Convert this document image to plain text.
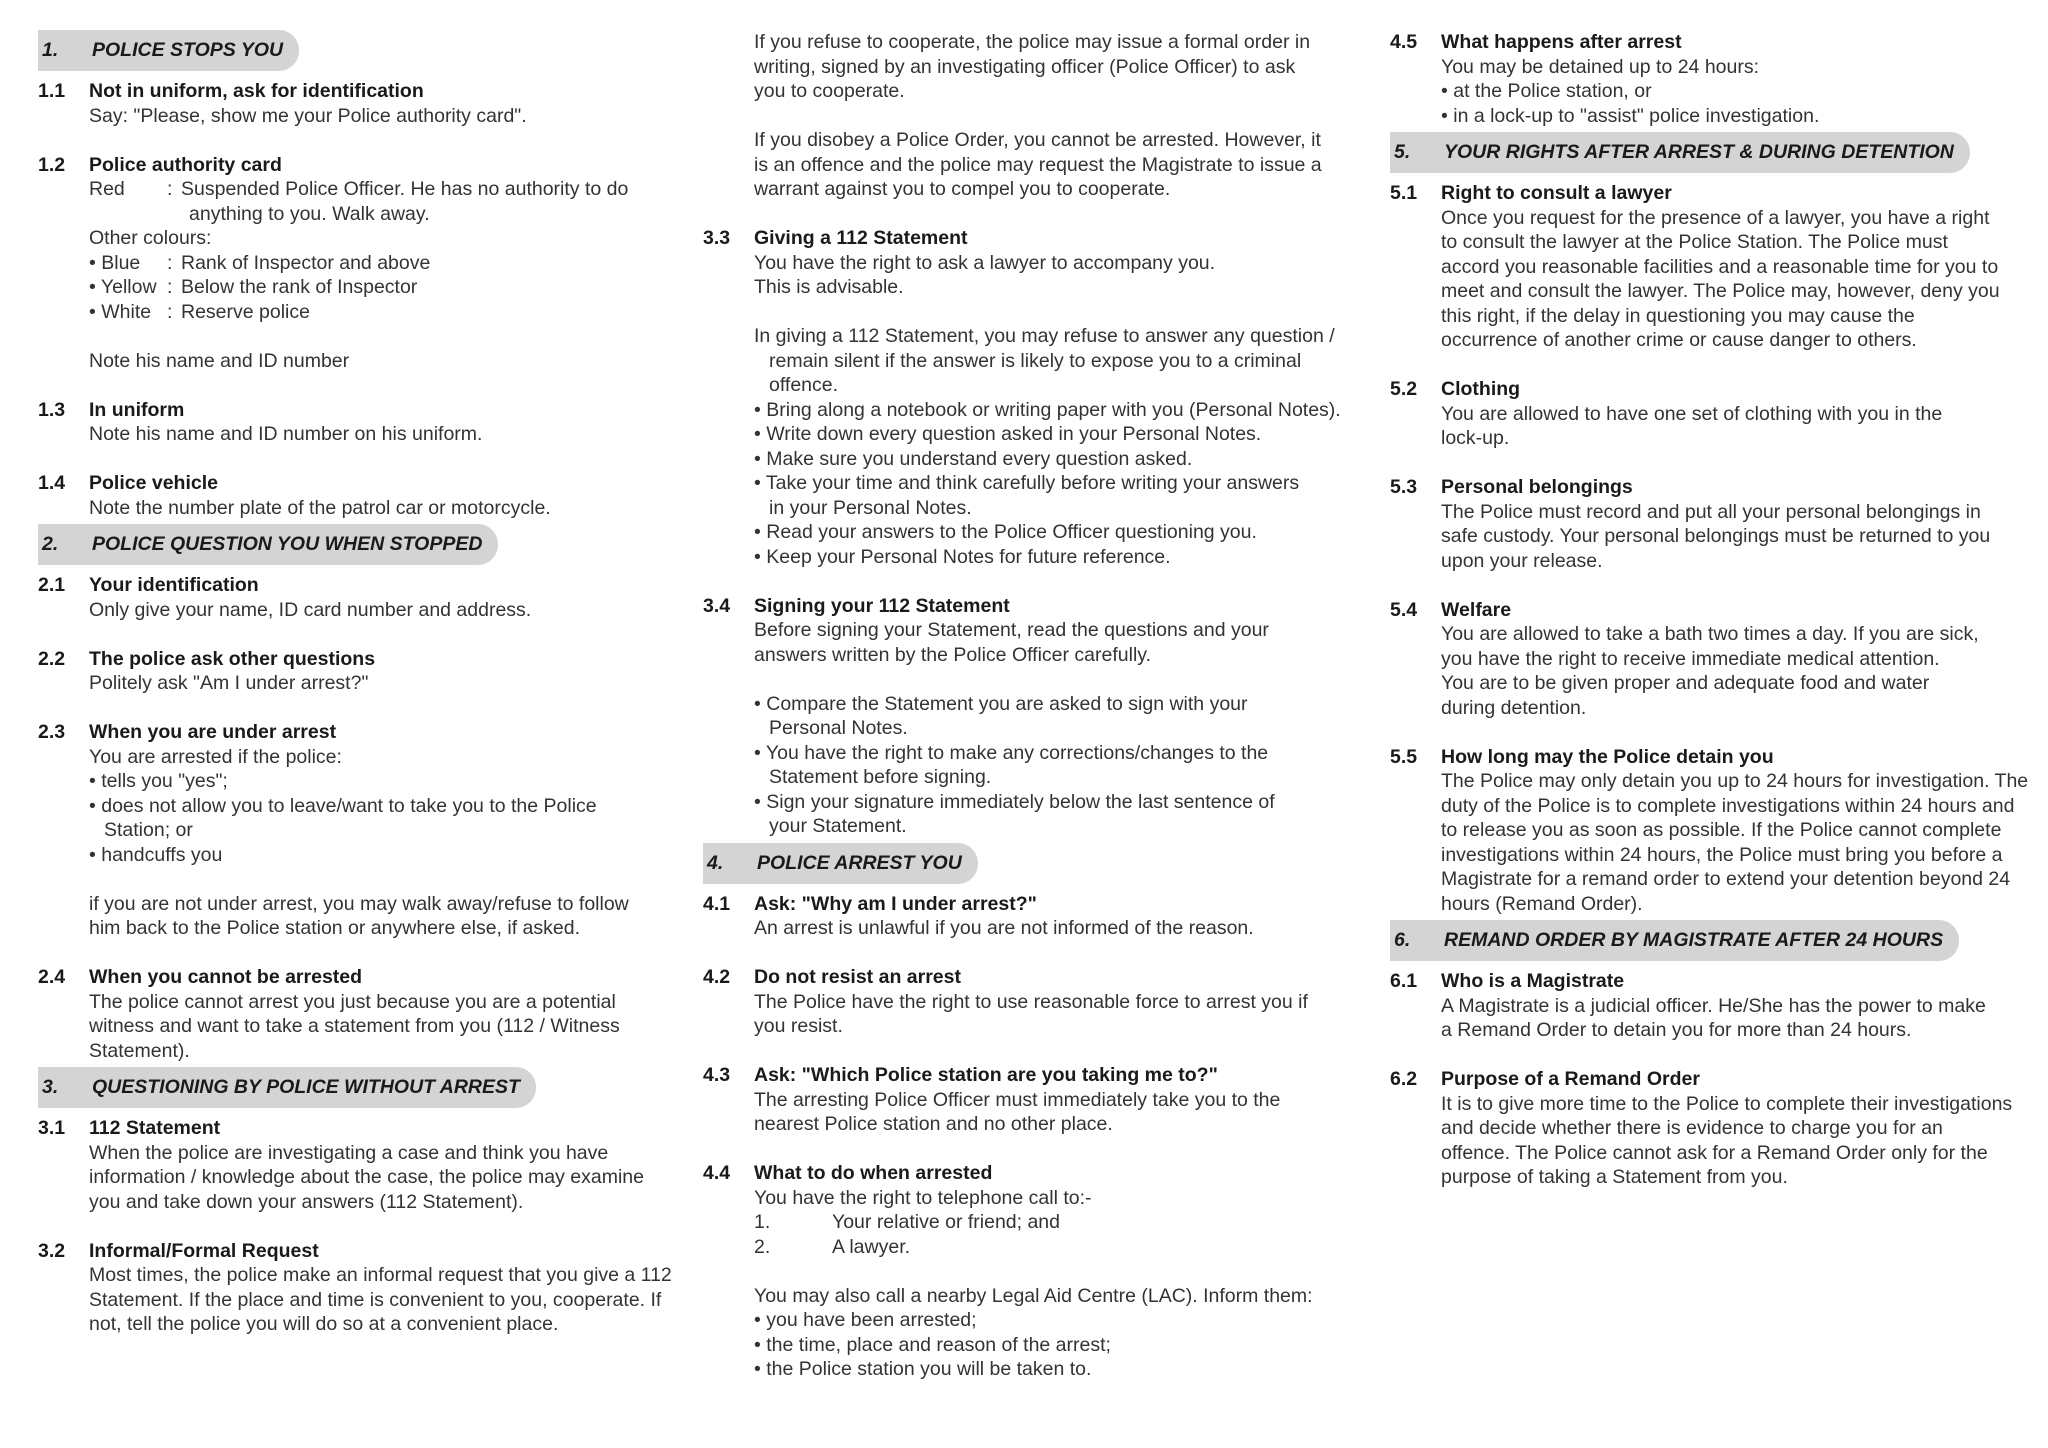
1.	POLICE STOPS YOU
1.1	Not in uniform, ask for identification
Say: "Please, show me your Police authority card".
1.2	Police authority card
Red	: Suspended Police Officer. He has no authority to do anything to you. Walk away.
Other colours:
• Blue	: Rank of Inspector and above
• Yellow : Below the rank of Inspector
• White : Reserve police
Note his name and ID number
1.3	In uniform
Note his name and ID number on his uniform.
1.4	Police vehicle
Note the number plate of the patrol car or motorcycle.
2.	POLICE QUESTION YOU WHEN STOPPED
2.1	Your identification
Only give your name, ID card number and address.
2.2	The police ask other questions
Politely ask "Am I under arrest?"
2.3	When you are under arrest
You are arrested if the police:
• tells you "yes";
• does not allow you to leave/want to take you to the Police Station; or
• handcuffs you
if you are not under arrest, you may walk away/refuse to follow him back to the Police station or anywhere else, if asked.
2.4	When you cannot be arrested
The police cannot arrest you just because you are a potential witness and want to take a statement from you (112 / Witness Statement).
3.	QUESTIONING BY POLICE WITHOUT ARREST
3.1	112 Statement
When the police are investigating a case and think you have information / knowledge about the case, the police may examine you and take down your answers (112 Statement).
3.2	Informal/Formal Request
Most times, the police make an informal request that you give a 112 Statement. If the place and time is convenient to you, cooperate. If not, tell the police you will do so at a convenient place.
If you refuse to cooperate, the police may issue a formal order in writing, signed by an investigating officer (Police Officer) to ask you to cooperate.
If you disobey a Police Order, you cannot be arrested. However, it is an offence and the police may request the Magistrate to issue a warrant against you to compel you to cooperate.
3.3	Giving a 112 Statement
You have the right to ask a lawyer to accompany you.
This is advisable.
In giving a 112 Statement, you may refuse to answer any question / remain silent if the answer is likely to expose you to a criminal offence.
• Bring along a notebook or writing paper with you (Personal Notes).
• Write down every question asked in your Personal Notes.
• Make sure you understand every question asked.
• Take your time and think carefully before writing your answers in your Personal Notes.
• Read your answers to the Police Officer questioning you.
• Keep your Personal Notes for future reference.
3.4	Signing your 112 Statement
Before signing your Statement, read the questions and your answers written by the Police Officer carefully.
• Compare the Statement you are asked to sign with your Personal Notes.
• You have the right to make any corrections/changes to the Statement before signing.
• Sign your signature immediately below the last sentence of your Statement.
4.	POLICE ARREST YOU
4.1	Ask: "Why am I under arrest?"
An arrest is unlawful if you are not informed of the reason.
4.2	Do not resist an arrest
The Police have the right to use reasonable force to arrest you if you resist.
4.3	Ask: "Which Police station are you taking me to?"
The arresting Police Officer must immediately take you to the nearest Police station and no other place.
4.4	What to do when arrested
You have the right to telephone call to:-
1.	Your relative or friend; and
2.	A lawyer.
You may also call a nearby Legal Aid Centre (LAC). Inform them:
• you have been arrested;
• the time, place and reason of the arrest;
• the Police station you will be taken to.
4.5	What happens after arrest
You may be detained up to 24 hours:
• at the Police station, or
• in a lock-up to "assist" police investigation.
5.	YOUR RIGHTS AFTER ARREST & DURING DETENTION
5.1	Right to consult a lawyer
Once you request for the presence of a lawyer, you have a right to consult the lawyer at the Police Station. The Police must accord you reasonable facilities and a reasonable time for you to meet and consult the lawyer. The Police may, however, deny you this right, if the delay in questioning you may cause the occurrence of another crime or cause danger to others.
5.2	Clothing
You are allowed to have one set of clothing with you in the lock-up.
5.3	Personal belongings
The Police must record and put all your personal belongings in safe custody. Your personal belongings must be returned to you upon your release.
5.4	Welfare
You are allowed to take a bath two times a day. If you are sick, you have the right to receive immediate medical attention.
You are to be given proper and adequate food and water during detention.
5.5	How long may the Police detain you
The Police may only detain you up to 24 hours for investigation. The duty of the Police is to complete investigations within 24 hours and to release you as soon as possible. If the Police cannot complete investigations within 24 hours, the Police must bring you before a Magistrate for a remand order to extend your detention beyond 24 hours (Remand Order).
6.	REMAND ORDER BY MAGISTRATE AFTER 24 HOURS
6.1	Who is a Magistrate
A Magistrate is a judicial officer. He/She has the power to make a Remand Order to detain you for more than 24 hours.
6.2	Purpose of a Remand Order
It is to give more time to the Police to complete their investigations and decide whether there is evidence to charge you for an offence. The Police cannot ask for a Remand Order only for the purpose of taking a Statement from you.
